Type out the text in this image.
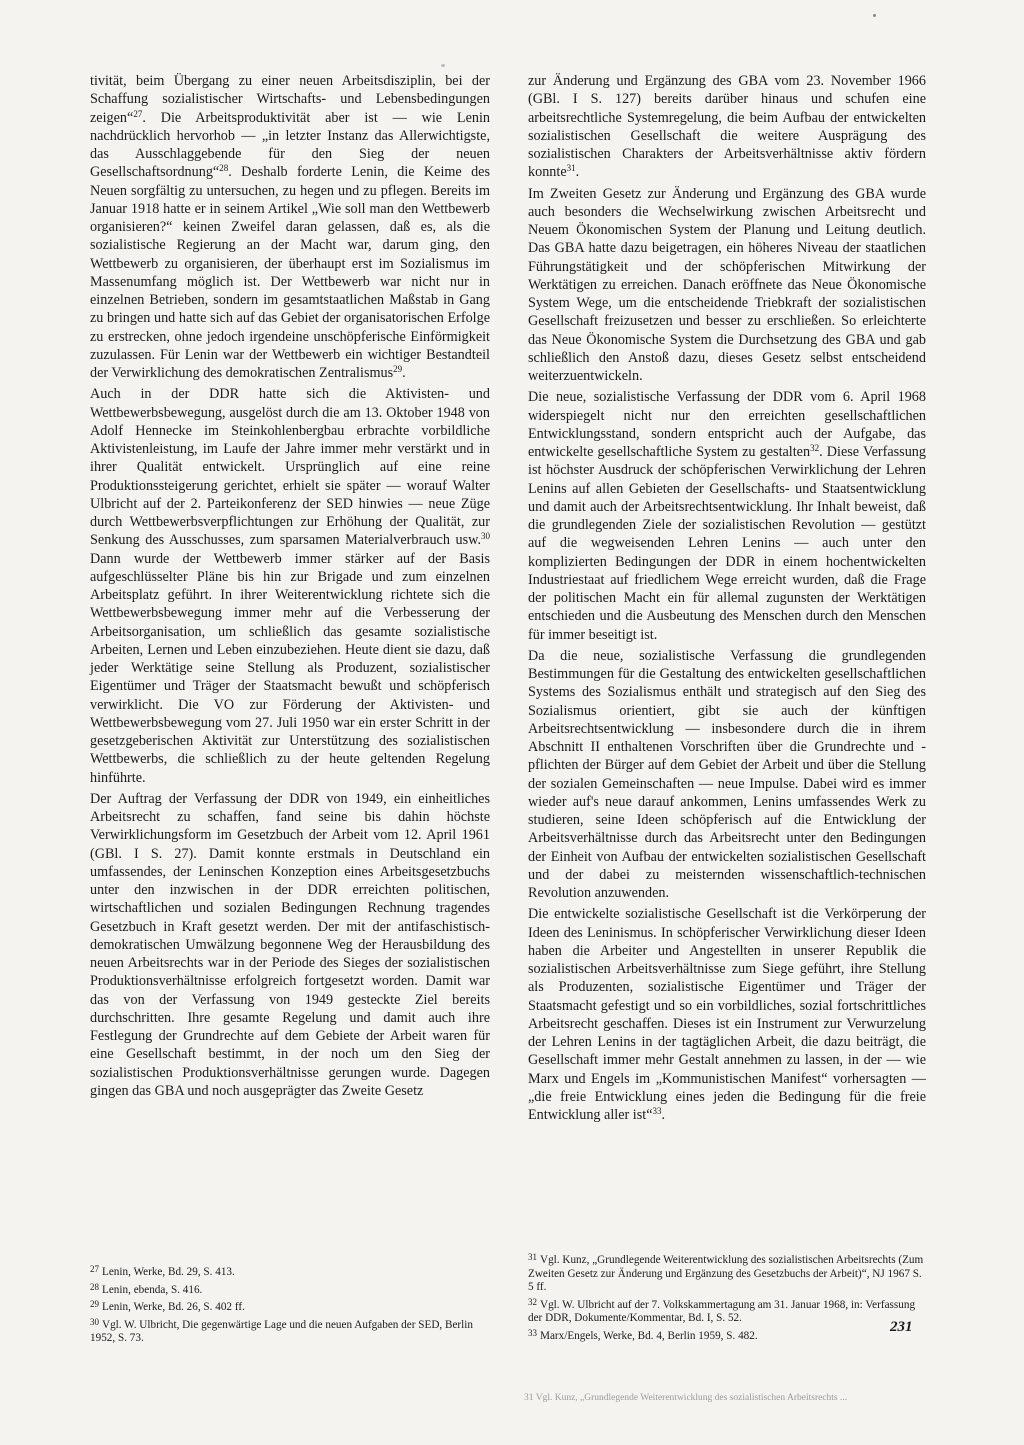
tivität, beim Übergang zu einer neuen Arbeitsdisziplin, bei der Schaffung sozialistischer Wirtschafts- und Lebensbedingungen zeigen“$^{27}$. Die Arbeitsproduktivität aber ist — wie Lenin nachdrücklich hervorhob — „in letzter Instanz das Allerwichtigste, das Ausschlaggebende für den Sieg der neuen Gesellschaftsordnung“$^{28}$. Deshalb forderte Lenin, die Keime des Neuen sorgfältig zu untersuchen, zu hegen und zu pflegen. Bereits im Januar 1918 hatte er in seinem Artikel „Wie soll man den Wettbewerb organisieren?“ keinen Zweifel daran gelassen, daß es, als die sozialistische Regierung an der Macht war, darum ging, den Wettbewerb zu organisieren, der überhaupt erst im Sozialismus im Massenumfang möglich ist. Der Wettbewerb war nicht nur in einzelnen Betrieben, sondern im gesamtstaatlichen Maßstab in Gang zu bringen und hatte sich auf das Gebiet der organisatorischen Erfolge zu erstrecken, ohne jedoch irgendeine unschöpferische Einförmigkeit zuzulassen. Für Lenin war der Wettbewerb ein wichtiger Bestandteil der Verwirklichung des demokratischen Zentralismus$^{29}$.

Auch in der DDR hatte sich die Aktivisten- und Wettbewerbsbewegung, ausgelöst durch die am 13. Oktober 1948 von Adolf Hennecke im Steinkohlenbergbau erbrachte vorbildliche Aktivistenleistung, im Laufe der Jahre immer mehr verstärkt und in ihrer Qualität entwickelt. Ursprünglich auf eine reine Produktionssteigerung gerichtet, erhielt sie später — worauf Walter Ulbricht auf der 2. Parteikonferenz der SED hinwies — neue Züge durch Wettbewerbsverpflichtungen zur Erhöhung der Qualität, zur Senkung des Ausschusses, zum sparsamen Materialverbrauch usw.$^{30}$ Dann wurde der Wettbewerb immer stärker auf der Basis aufgeschlüsselter Pläne bis hin zur Brigade und zum einzelnen Arbeitsplatz geführt. In ihrer Weiterentwicklung richtete sich die Wettbewerbsbewegung immer mehr auf die Verbesserung der Arbeitsorganisation, um schließlich das gesamte sozialistische Arbeiten, Lernen und Leben einzubeziehen. Heute dient sie dazu, daß jeder Werktätige seine Stellung als Produzent, sozialistischer Eigentümer und Träger der Staatsmacht bewußt und schöpferisch verwirklicht. Die VO zur Förderung der Aktivisten- und Wettbewerbsbewegung vom 27. Juli 1950 war ein erster Schritt in der gesetzgeberischen Aktivität zur Unterstützung des sozialistischen Wettbewerbs, die schließlich zu der heute geltenden Regelung hinführte.

Der Auftrag der Verfassung der DDR von 1949, ein einheitliches Arbeitsrecht zu schaffen, fand seine bis dahin höchste Verwirklichungsform im Gesetzbuch der Arbeit vom 12. April 1961 (GBl. I S. 27). Damit konnte erstmals in Deutschland ein umfassendes, der Leninschen Konzeption eines Arbeitsgesetzbuchs unter den inzwischen in der DDR erreichten politischen, wirtschaftlichen und sozialen Bedingungen Rechnung tragendes Gesetzbuch in Kraft gesetzt werden. Der mit der antifaschistisch-demokratischen Umwälzung begonnene Weg der Herausbildung des neuen Arbeitsrechts war in der Periode des Sieges der sozialistischen Produktionsverhältnisse erfolgreich fortgesetzt worden. Damit war das von der Verfassung von 1949 gesteckte Ziel bereits durchschritten. Ihre gesamte Regelung und damit auch ihre Festlegung der Grundrechte auf dem Gebiete der Arbeit waren für eine Gesellschaft bestimmt, in der noch um den Sieg der sozialistischen Produktionsverhältnisse gerungen wurde. Dagegen gingen das GBA und noch ausgeprägter das Zweite Gesetz

zur Änderung und Ergänzung des GBA vom 23. November 1966 (GBl. I S. 127) bereits darüber hinaus und schufen eine arbeitsrechtliche Systemregelung, die beim Aufbau der entwickelten sozialistischen Gesellschaft die weitere Ausprägung des sozialistischen Charakters der Arbeitsverhältnisse aktiv fördern konnte$^{31}$.

Im Zweiten Gesetz zur Änderung und Ergänzung des GBA wurde auch besonders die Wechselwirkung zwischen Arbeitsrecht und Neuem Ökonomischen System der Planung und Leitung deutlich. Das GBA hatte dazu beigetragen, ein höheres Niveau der staatlichen Führungstätigkeit und der schöpferischen Mitwirkung der Werktätigen zu erreichen. Danach eröffnete das Neue Ökonomische System Wege, um die entscheidende Triebkraft der sozialistischen Gesellschaft freizusetzen und besser zu erschließen. So erleichterte das Neue Ökonomische System die Durchsetzung des GBA und gab schließlich den Anstoß dazu, dieses Gesetz selbst entscheidend weiterzuentwickeln.

Die neue, sozialistische Verfassung der DDR vom 6. April 1968 widerspiegelt nicht nur den erreichten gesellschaftlichen Entwicklungsstand, sondern entspricht auch der Aufgabe, das entwickelte gesellschaftliche System zu gestalten$^{32}$. Diese Verfassung ist höchster Ausdruck der schöpferischen Verwirklichung der Lehren Lenins auf allen Gebieten der Gesellschafts- und Staatsentwicklung und damit auch der Arbeitsrechtsentwicklung. Ihr Inhalt beweist, daß die grundlegenden Ziele der sozialistischen Revolution — gestützt auf die wegweisenden Lehren Lenins — auch unter den komplizierten Bedingungen der DDR in einem hochentwickelten Industriestaat auf friedlichem Wege erreicht wurden, daß die Frage der politischen Macht ein für allemal zugunsten der Werktätigen entschieden und die Ausbeutung des Menschen durch den Menschen für immer beseitigt ist.

Da die neue, sozialistische Verfassung die grundlegenden Bestimmungen für die Gestaltung des entwickelten gesellschaftlichen Systems des Sozialismus enthält und strategisch auf den Sieg des Sozialismus orientiert, gibt sie auch der künftigen Arbeitsrechtsentwicklung — insbesondere durch die in ihrem Abschnitt II enthaltenen Vorschriften über die Grundrechte und -pflichten der Bürger auf dem Gebiet der Arbeit und über die Stellung der sozialen Gemeinschaften — neue Impulse. Dabei wird es immer wieder auf's neue darauf ankommen, Lenins umfassendes Werk zu studieren, seine Ideen schöpferisch auf die Entwicklung der Arbeitsverhältnisse durch das Arbeitsrecht unter den Bedingungen der Einheit von Aufbau der entwickelten sozialistischen Gesellschaft und der dabei zu meisternden wissenschaftlich-technischen Revolution anzuwenden.

Die entwickelte sozialistische Gesellschaft ist die Verkörperung der Ideen des Leninismus. In schöpferischer Verwirklichung dieser Ideen haben die Arbeiter und Angestellten in unserer Republik die sozialistischen Arbeitsverhältnisse zum Siege geführt, ihre Stellung als Produzenten, sozialistische Eigentümer und Träger der Staatsmacht gefestigt und so ein vorbildliches, sozial fortschrittliches Arbeitsrecht geschaffen. Dieses ist ein Instrument zur Verwurzelung der Lehren Lenins in der tagtäglichen Arbeit, die dazu beiträgt, die Gesellschaft immer mehr Gestalt annehmen zu lassen, in der — wie Marx und Engels im „Kommunistischen Manifest“ vorhersagten — „die freie Entwicklung eines jeden die Bedingung für die freie Entwicklung aller ist“$^{33}$.

$^{27}$ Lenin, Werke, Bd. 29, S. 413.

$^{28}$ Lenin, ebenda, S. 416.

$^{29}$ Lenin, Werke, Bd. 26, S. 402 ff.

$^{30}$ Vgl. W. Ulbricht, Die gegenwärtige Lage und die neuen Aufgaben der SED, Berlin 1952, S. 73.

$^{31}$ Vgl. Kunz, „Grundlegende Weiterentwicklung des sozialistischen Arbeitsrechts (Zum Zweiten Gesetz zur Änderung und Ergänzung des Gesetzbuchs der Arbeit)“, NJ 1967 S. 5 ff.

$^{32}$ Vgl. W. Ulbricht auf der 7. Volkskammertagung am 31. Januar 1968, in: Verfassung der DDR, Dokumente/Kommentar, Bd. I, S. 52.

$^{33}$ Marx/Engels, Werke, Bd. 4, Berlin 1959, S. 482.

231
31 Vgl. Kunz, „Grundlegende Weiterentwicklung des sozialistischen Arbeitsrechts ...
